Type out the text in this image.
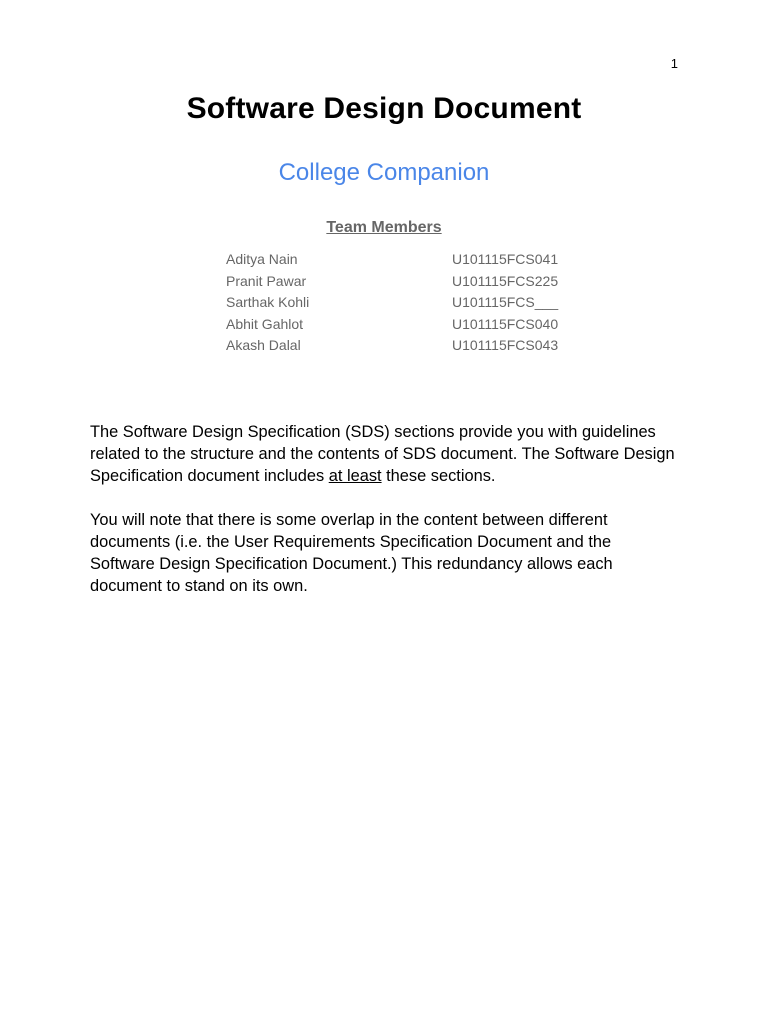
1
Software Design Document
College Companion
Team Members
Aditya Nain	U101115FCS041
Pranit Pawar	U101115FCS225
Sarthak Kohli	U101115FCS___
Abhit Gahlot	U101115FCS040
Akash Dalal	U101115FCS043

The Software Design Specification (SDS) sections provide you with guidelines related to the structure and the contents of SDS document. The Software Design Specification document includes at least these sections.

You will note that there is some overlap in the content between different documents (i.e. the User Requirements Specification Document and the Software Design Specification Document.) This redundancy allows each document to stand on its own.
